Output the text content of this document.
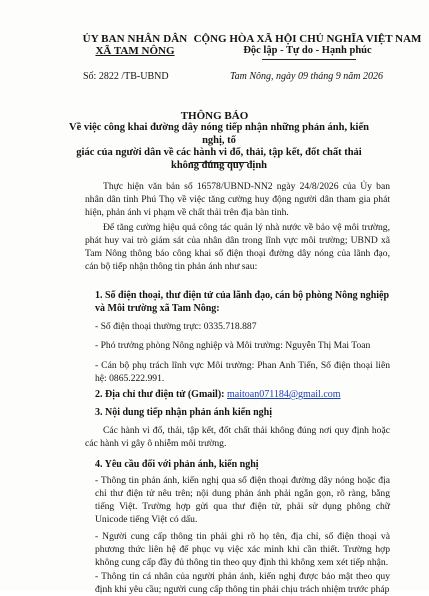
ỦY BAN NHÂN DÂN
XÃ TAM NÔNG
CỘNG HÒA XÃ HỘI CHỦ NGHĨA VIỆT NAM
Độc lập - Tự do - Hạnh phúc
Số: 2822 /TB-UBND	Tam Nông, ngày 09 tháng 9 năm 2026
THÔNG BÁO
Về việc công khai đường dây nóng tiếp nhận những phản ánh, kiến nghị, tố
giác của người dân về các hành vi đổ, thải, tập kết, đốt chất thải
không đúng quy định
Thực hiện văn bản số 16578/UBND-NN2 ngày 24/8/2026 của Ủy ban nhân dân tỉnh Phú Thọ về việc tăng cường huy động người dân tham gia phát hiện, phản ánh vi phạm về chất thải trên địa bàn tỉnh.
Để tăng cường hiệu quả công tác quản lý nhà nước về bảo vệ môi trường, phát huy vai trò giám sát của nhân dân trong lĩnh vực môi trường; UBND xã Tam Nông thông báo công khai số điện thoại đường dây nóng của lãnh đạo, cán bộ tiếp nhận thông tin phản ánh như sau:
1. Số điện thoại, thư điện tử của lãnh đạo, cán bộ phòng Nông nghiệp và Môi trường xã Tam Nông:
- Số điện thoại thường trực: 0335.718.887
- Phó trưởng phòng Nông nghiệp và Môi trường: Nguyễn Thị Mai Toan
- Cán bộ phụ trách lĩnh vực Môi trường: Phan Anh Tiến, Số điện thoại liên hệ: 0865.222.991.
2. Địa chỉ thư điện tử (Gmail): maitoan071184@gmail.com
3. Nội dung tiếp nhận phản ánh kiến nghị
Các hành vi đổ, thải, tập kết, đốt chất thải không đúng nơi quy định hoặc các hành vi gây ô nhiễm môi trường.
4. Yêu cầu đối với phản ánh, kiến nghị
- Thông tin phản ánh, kiến nghị qua số điện thoại đường dây nóng hoặc địa chỉ thư điện tử nêu trên; nội dung phản ánh phải ngắn gọn, rõ ràng, bằng tiếng Việt. Trường hợp gửi qua thư điện tử, phải sử dụng phông chữ Unicode tiếng Việt có dấu.
- Người cung cấp thông tin phải ghi rõ họ tên, địa chỉ, số điện thoại và phương thức liên hệ để phục vụ việc xác minh khi cần thiết. Trường hợp không cung cấp đầy đủ thông tin theo quy định thì không xem xét tiếp nhận.
- Thông tin cá nhân của người phản ánh, kiến nghị được bảo mật theo quy định khi yêu cầu; người cung cấp thông tin phải chịu trách nhiệm trước pháp
